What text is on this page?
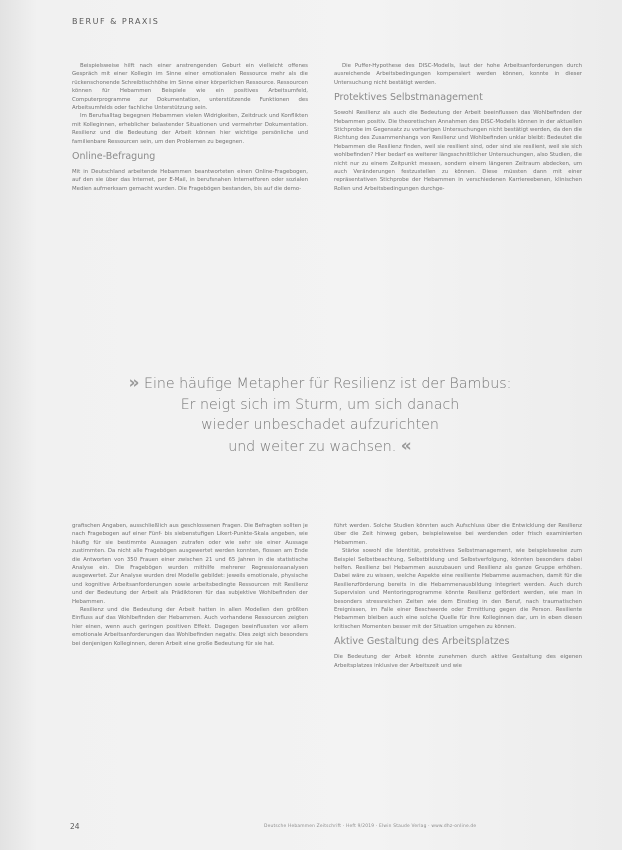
BERUF & PRAXIS

Beispielsweise hilft nach einer anstrengenden Geburt ein vielleicht offenes Gespräch mit einer Kollegin im Sinne einer emotionalen Ressource mehr als die rückenschonende Schreibtischhöhe im Sinne einer körperlichen Ressource. Ressourcen können für Hebammen Beispiele wie ein positives Arbeitsumfeld, Computerprogramme zur Dokumentation, unterstützende Funktionen des Arbeitsumfelds oder fachliche Unterstützung sein.

Im Berufsalltag begegnen Hebammen vielen Widrigkeiten, Zeitdruck und Konflikten mit Kolleginnen, erheblicher belastender Situationen und vermehrter Dokumentation. Resilienz und die Bedeutung der Arbeit können hier wichtige persönliche und familienbare Ressourcen sein, um den Problemen zu begegnen.

Online-Befragung

Mit in Deutschland arbeitende Hebammen beantworteten einen Online-Fragebogen, auf den sie über das Internet, per E-Mail, in berufsnahen Internetforen oder sozialen Medien aufmerksam gemacht wurden. Die Fragebögen bestanden, bis auf die demo-

Die Puffer-Hypothese des DISC-Modells, laut der hohe Arbeitsanforderungen durch ausreichende Arbeitsbedingungen kompensiert werden können, konnte in dieser Untersuchung nicht bestätigt werden.

Protektives Selbstmanagement

Sowohl Resilienz als auch die Bedeutung der Arbeit beeinflussen das Wohlbefinden der Hebammen positiv. Die theoretischen Annahmen des DISC-Modells können in der aktuellen Stichprobe im Gegensatz zu vorherigen Untersuchungen nicht bestätigt werden, da den die Richtung des Zusammenhangs von Resilienz und Wohlbefinden unklar bleibt: Bedeutet die Hebammen die Resilienz finden, weil sie resilient sind, oder sind sie resilient, weil sie sich wohlbefinden? Hier bedarf es weiterer längsschnittlicher Untersuchungen, also Studien, die nicht nur zu einem Zeitpunkt messen, sondern einem längeren Zeitraum abdecken, um auch Veränderungen festzustellen zu können. Diese müssten dann mit einer repräsentativen Stichprobe der Hebammen in verschiedenen Karriereebenen, klinischen Rollen und Arbeitsbedingungen durchge-

» Eine häufige Metapher für Resilienz ist der Bambus:
Er neigt sich im Sturm, um sich danach
wieder unbeschadet aufzurichten
und weiter zu wachsen. «

grafischen Angaben, ausschließlich aus geschlossenen Fragen. Die Befragten sollten je nach Fragebogen auf einer Fünf- bis siebenstufigen Likert-Punkte-Skala angeben, wie häufig für sie bestimmte Aussagen zutrafen oder wie sehr sie einer Aussage zustimmten. Da nicht alle Fragebögen ausgewertet werden konnten, flossen am Ende die Antworten von 350 Frauen einer zwischen 21 und 65 Jahren in die statistische Analyse ein. Die Fragebögen wurden mithilfe mehrerer Regressionsanalysen ausgewertet. Zur Analyse wurden drei Modelle gebildet: jeweils emotionale, physische und kognitive Arbeitsanforderungen sowie arbeitsbedingte Ressourcen mit Resilienz und der Bedeutung der Arbeit als Prädiktoren für das subjektive Wohlbefinden der Hebammen.

Resilienz und die Bedeutung der Arbeit hatten in allen Modellen den größten Einfluss auf das Wohlbefinden der Hebammen. Auch vorhandene Ressourcen zeigten hier einen, wenn auch geringen positiven Effekt. Dagegen beeinflussten vor allem emotionale Arbeitsanforderungen das Wohlbefinden negativ. Dies zeigt sich besonders bei denjenigen Kolleginnen, deren Arbeit eine große Bedeutung für sie hat.

führt werden. Solche Studien könnten auch Aufschluss über die Entwicklung der Resilienz über die Zeit hinweg geben, beispielsweise bei werdenden oder frisch examinierten Hebammen.

Stärke sowohl die Identität, protektives Selbstmanagement, wie beispielsweise zum Beispiel Selbstbeachtung, Selbstbildung und Selbstverfolgung, könnten besonders dabei helfen. Resilienz bei Hebammen auszubauen und Resilienz als ganze Gruppe erhöhen. Dabei wäre zu wissen, welche Aspekte eine resiliente Hebamme ausmachen, damit für die Resilienzförderung bereits in die Hebammenausbildung integriert werden. Auch durch Supervision und Mentoringprogramme könnte Resilienz gefördert werden, wie man in besonders stressreichen Zeiten wie dem Einstieg in den Beruf, nach traumatischen Ereignissen, im Falle einer Beschwerde oder Ermittlung gegen die Person. Resiliente Hebammen bleiben auch eine solche Quelle für ihre Kolleginnen dar, um in eben diesen kritischen Momenten besser mit der Situation umgehen zu können.

Aktive Gestaltung des Arbeitsplatzes

Die Bedeutung der Arbeit könnte zunehmen durch aktive Gestaltung des eigenen Arbeitsplatzes inklusive der Arbeitszeit und wie

24	Deutsche Hebammen Zeitschrift · Heft 9/2019 · Elwin Staude Verlag · www.dhz-online.de
